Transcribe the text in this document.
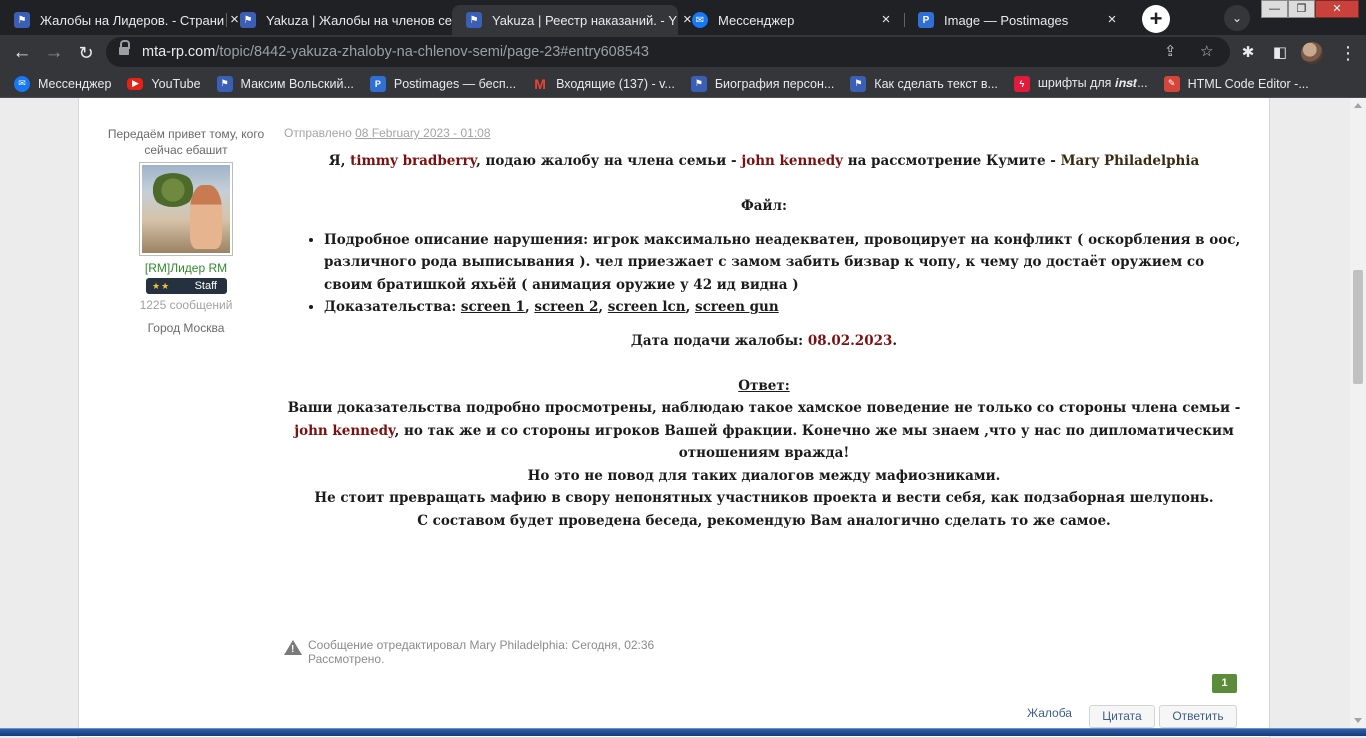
⚑ Жалобы на Лидеров. - Страни × ⚑ Yakuza | Жалобы на членов се	⚑ Yakuza | Реестр наказаний. - Y × ✉ Мессенджер	×	P	Image — Postimages	×	+	⌄
—	❐	✕
← → ↻	mta-rp.com/topic/8442-yakuza-zhaloby-na-chlenov-semi/page-23#entry608543	⇪ ☆	✱	◧	⋮
✉ Мессенджер	▶	YouTube	⚑ Максим Вольский...	P	Postimages — бесп... M Входящие (137) - v...	⚑ Биография персон...	⚑ Как сделать текст в...	ϟ	шрифты для 𝒊𝒏𝒔𝒕...	✎ HTML Code Editor -...
Передаём привет тому, кого сейчас ебашит
[RM]Лидер RM
★★ Staff
1225 сообщений
Город Москва
Отправлено 08 February 2023 - 01:08
Я, timmy bradberry, подаю жалобу на члена семьи - john kennedy на рассмотрение Кумите - Mary Philadelphia
Файл:
• Подробное описание нарушения: игрок максимально неадекватен, провоцирует на конфликт ( оскорбления в оос, различного рода выписывания ). чел приезжает с замом забить бизвар к чопу, к чему до достаёт оружием со своим братишкой яхьёй ( анимация оружие у 42 ид видна )
• Доказательства: screen 1, screen 2, screen lcn, screen gun
Дата подачи жалобы: 08.02.2023.
Ответ:
Ваши доказательства подробно просмотрены, наблюдаю такое хамское поведение не только со стороны члена семьи - john kennedy, но так же и со стороны игроков Вашей фракции. Конечно же мы знаем ,что у нас по дипломатическим отношениям вражда!
Но это не повод для таких диалогов между мафиозниками.
Не стоит превращать мафию в свору непонятных участников проекта и вести себя, как подзаборная шелупонь.
С составом будет проведена беседа, рекомендую Вам аналогично сделать то же самое.
!
Сообщение отредактировал Mary Philadelphia: Сегодня, 02:36
Рассмотрено.
1
Жалоба	Цитата	Ответить
